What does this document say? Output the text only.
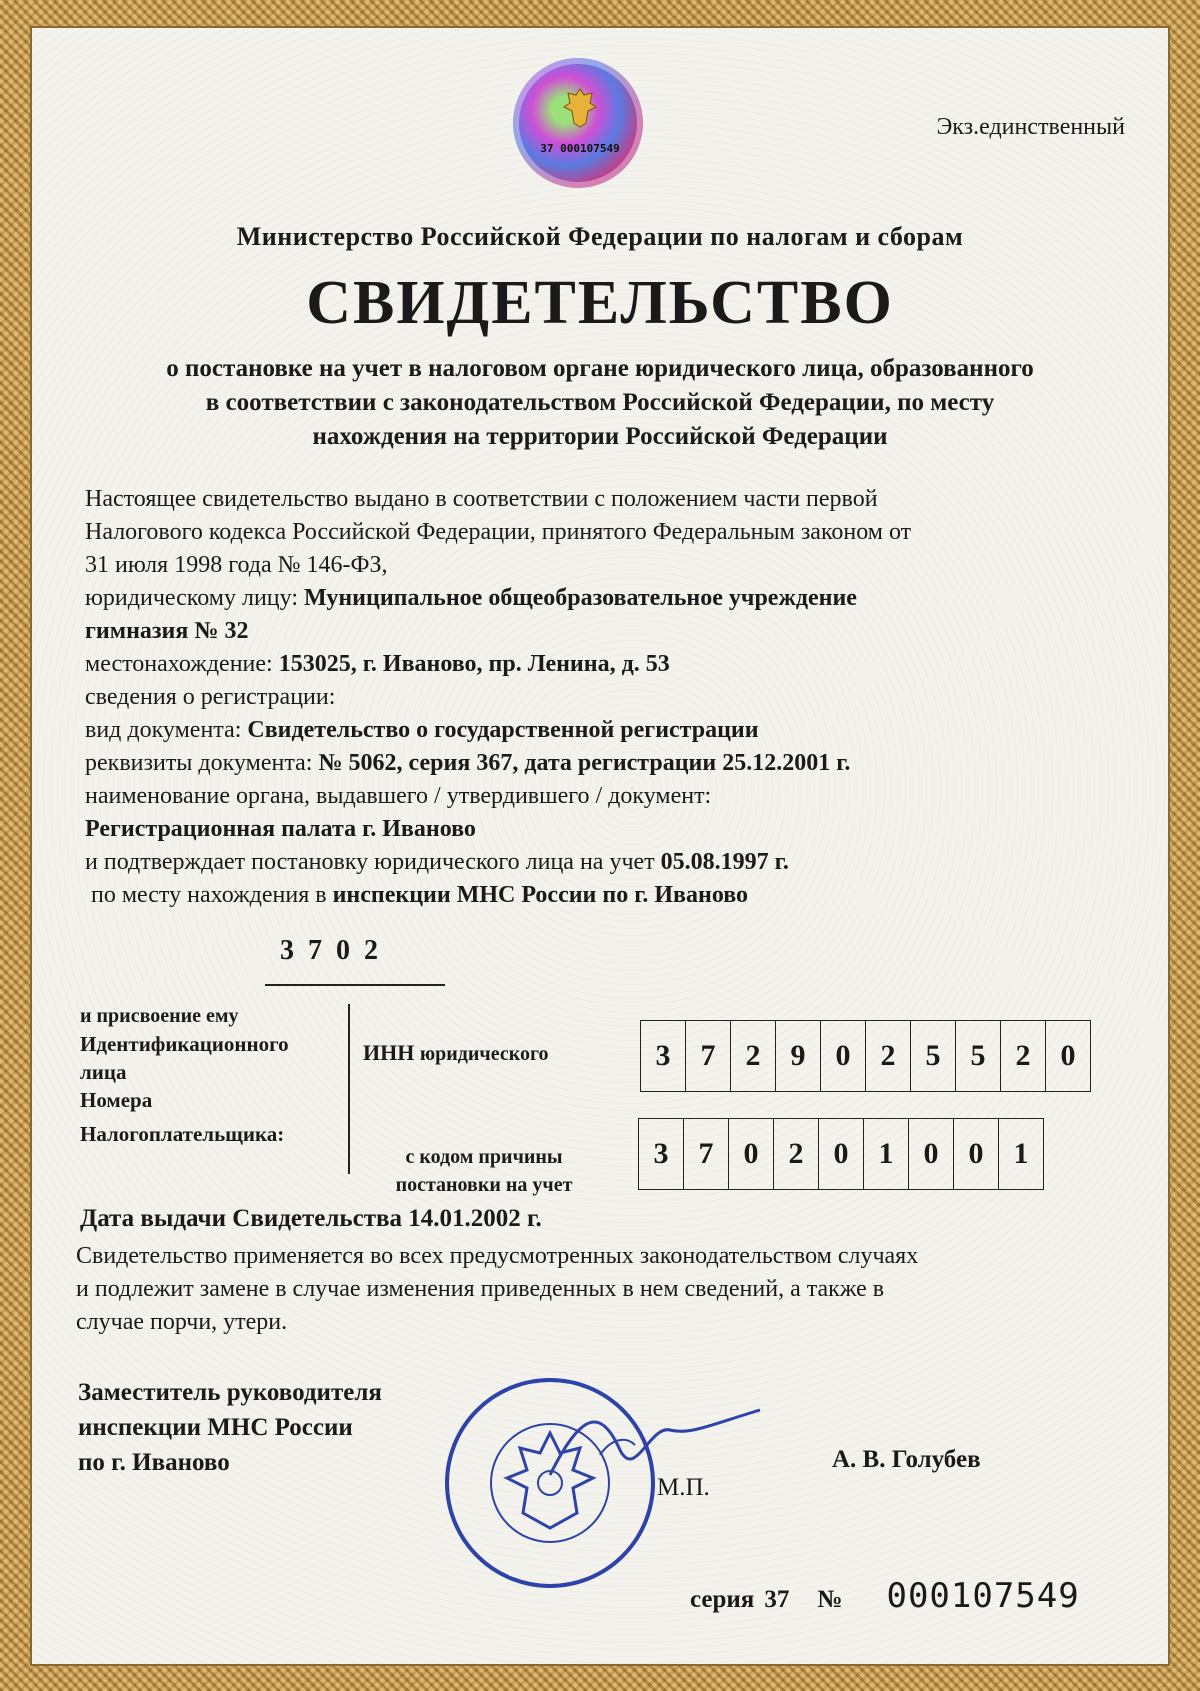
37 000107549
Экз.единственный
Министерство Российской Федерации по налогам и сборам
СВИДЕТЕЛЬСТВО
о постановке на учет в налоговом органе юридического лица, образованного
в соответствии с законодательством Российской Федерации, по месту
нахождения на территории Российской Федерации
Настоящее свидетельство выдано в соответствии с положением части первой
Налогового кодекса Российской Федерации, принятого Федеральным законом от
31 июля 1998 года № 146-ФЗ,
юридическому лицу: Муниципальное общеобразовательное учреждение
гимназия № 32
местонахождение: 153025, г. Иваново, пр. Ленина, д. 53
сведения о регистрации:
вид документа: Свидетельство о государственной регистрации
реквизиты документа: № 5062, серия 367, дата регистрации 25.12.2001 г.
наименование органа, выдавшего / утвердившего / документ:
Регистрационная палата г. Иваново
и подтверждает постановку юридического лица на учет 05.08.1997 г.
по месту нахождения в инспекции МНС России по г. Иваново
3  7  0  2
и присвоение ему
Идентификационного
лица
Номера
Налогоплательщика:
ИНН юридического	3	7	2	9	0	2	5	5	2	0
с кодом причины
постановки на учет
3	7	0	2	0	1	0	0	1
Дата выдачи Свидетельства 14.01.2002 г.
Свидетельство применяется во всех предусмотренных законодательством случаях
и подлежит замене в случае изменения приведенных в нем сведений, а также в
случае порчи, утери.
Заместитель руководителя
инспекции МНС России
по г. Иваново
М.П.
А. В. Голубев
серия 37 № 000107549
